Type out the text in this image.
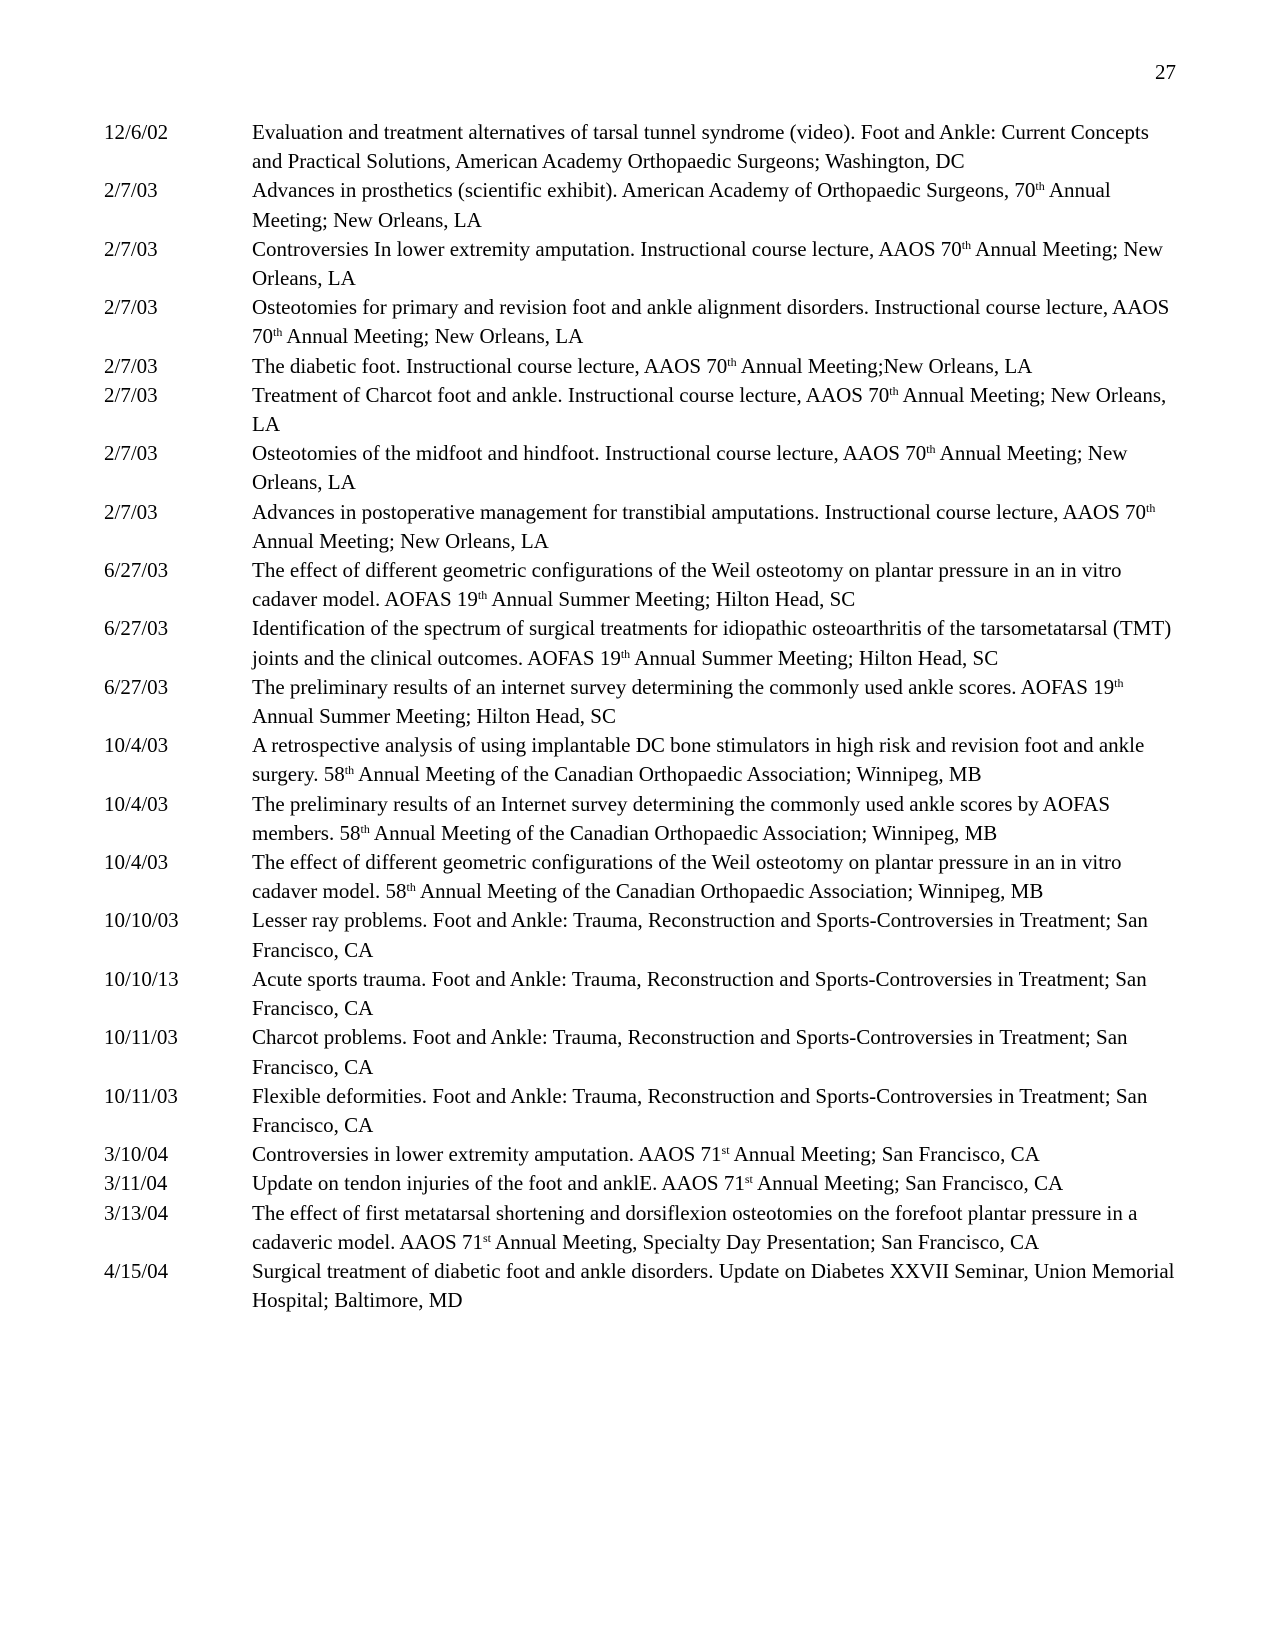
27
12/6/02	Evaluation and treatment alternatives of tarsal tunnel syndrome (video). Foot and Ankle: Current Concepts and Practical Solutions, American Academy Orthopaedic Surgeons; Washington, DC
2/7/03	Advances in prosthetics (scientific exhibit). American Academy of Orthopaedic Surgeons, 70th Annual Meeting; New Orleans, LA
2/7/03	Controversies In lower extremity amputation. Instructional course lecture, AAOS 70th Annual Meeting; New Orleans, LA
2/7/03	Osteotomies for primary and revision foot and ankle alignment disorders. Instructional course lecture, AAOS 70th Annual Meeting; New Orleans, LA
2/7/03	The diabetic foot. Instructional course lecture, AAOS 70th Annual Meeting;New Orleans, LA
2/7/03	Treatment of Charcot foot and ankle. Instructional course lecture, AAOS 70th Annual Meeting; New Orleans, LA
2/7/03	Osteotomies of the midfoot and hindfoot. Instructional course lecture, AAOS 70th Annual Meeting; New Orleans, LA
2/7/03	Advances in postoperative management for transtibial amputations. Instructional course lecture, AAOS 70th Annual Meeting; New Orleans, LA
6/27/03	The effect of different geometric configurations of the Weil osteotomy on plantar pressure in an in vitro cadaver model. AOFAS 19th Annual Summer Meeting; Hilton Head, SC
6/27/03	Identification of the spectrum of surgical treatments for idiopathic osteoarthritis of the tarsometatarsal (TMT) joints and the clinical outcomes. AOFAS 19th Annual Summer Meeting; Hilton Head, SC
6/27/03	The preliminary results of an internet survey determining the commonly used ankle scores. AOFAS 19th Annual Summer Meeting; Hilton Head, SC
10/4/03	A retrospective analysis of using implantable DC bone stimulators in high risk and revision foot and ankle surgery. 58th Annual Meeting of the Canadian Orthopaedic Association; Winnipeg, MB
10/4/03	The preliminary results of an Internet survey determining the commonly used ankle scores by AOFAS members. 58th Annual Meeting of the Canadian Orthopaedic Association; Winnipeg, MB
10/4/03	The effect of different geometric configurations of the Weil osteotomy on plantar pressure in an in vitro cadaver model. 58th Annual Meeting of the Canadian Orthopaedic Association; Winnipeg, MB
10/10/03	Lesser ray problems. Foot and Ankle: Trauma, Reconstruction and Sports-Controversies in Treatment; San Francisco, CA
10/10/13	Acute sports trauma. Foot and Ankle: Trauma, Reconstruction and Sports-Controversies in Treatment; San Francisco, CA
10/11/03	Charcot problems. Foot and Ankle: Trauma, Reconstruction and Sports-Controversies in Treatment; San Francisco, CA
10/11/03	Flexible deformities. Foot and Ankle: Trauma, Reconstruction and Sports-Controversies in Treatment; San Francisco, CA
3/10/04	Controversies in lower extremity amputation. AAOS 71st Annual Meeting; San Francisco, CA
3/11/04	Update on tendon injuries of the foot and anklE. AAOS 71st Annual Meeting; San Francisco, CA
3/13/04	The effect of first metatarsal shortening and dorsiflexion osteotomies on the forefoot plantar pressure in a cadaveric model. AAOS 71st Annual Meeting, Specialty Day Presentation; San Francisco, CA
4/15/04	Surgical treatment of diabetic foot and ankle disorders. Update on Diabetes XXVII Seminar, Union Memorial Hospital; Baltimore, MD
